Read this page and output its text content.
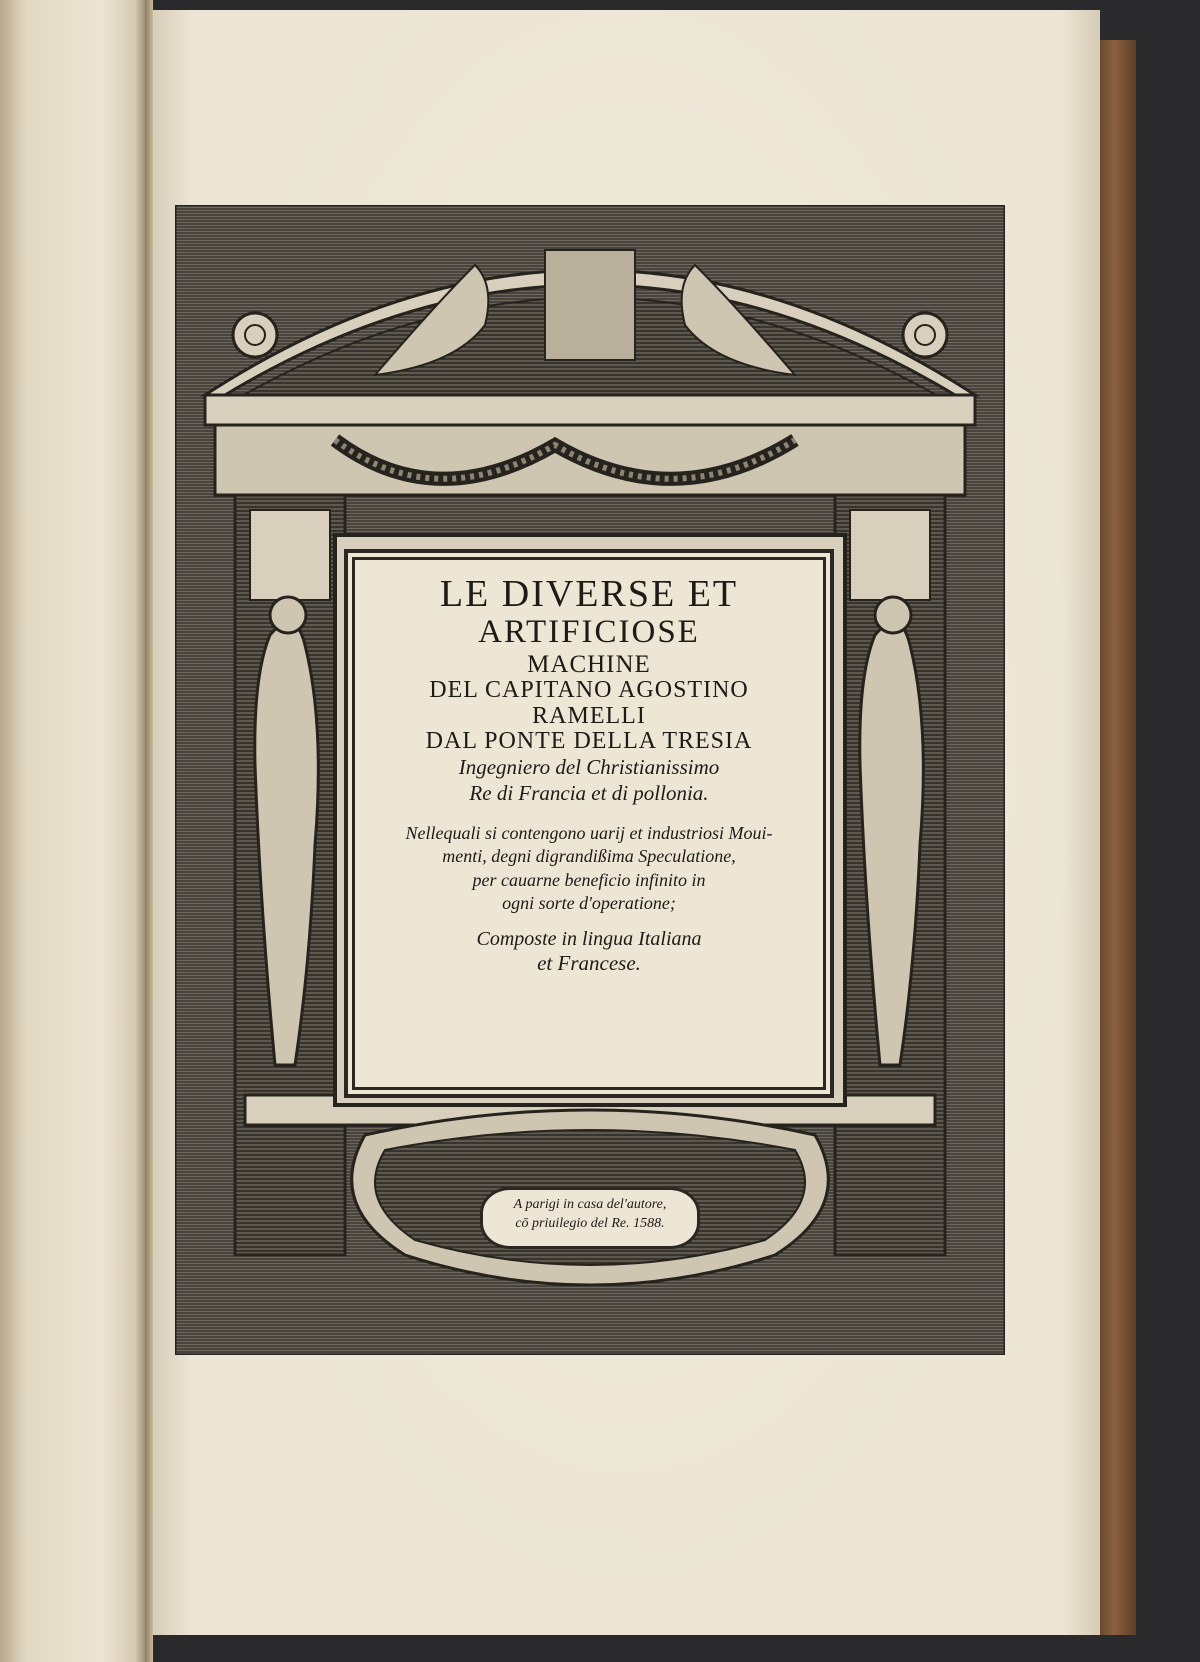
LE DIVERSE ET

ARTIFICIOSE

MACHINE

DEL CAPITANO AGOSTINO

RAMELLI

DAL PONTE DELLA TRESIA

Ingegniero del Christianissimo

Re di Francia et di pollonia.

Nellequali si contengono uarij et industriosi Moui-

menti, degni digrandißima Speculatione,

per cauarne beneficio infinito in

ogni sorte d'operatione;

Composte in lingua Italiana

et Francese.

A parigi in casa del'autore,
cō priuilegio del Re. 1588.
